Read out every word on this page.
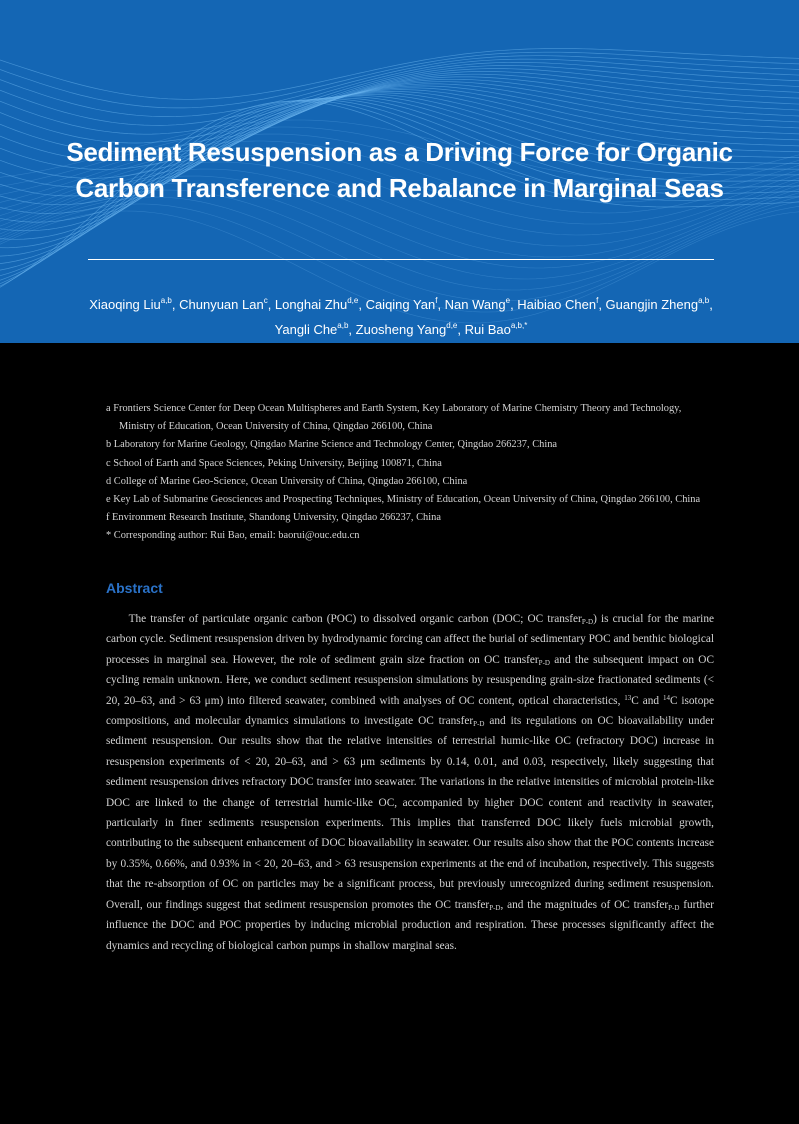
Sediment Resuspension as a Driving Force for Organic Carbon Transference and Rebalance in Marginal Seas
Xiaoqing Liu$^{a,b}$, Chunyuan Lan$^c$, Longhai Zhu$^{d,e}$, Caiqing Yan$^f$, Nan Wang$^e$, Haibiao Chen$^f$, Guangjin Zheng$^{a,b}$, Yangli Che$^{a,b}$, Zuosheng Yang$^{d,e}$, Rui Bao$^{a,b,*}$

a Frontiers Science Center for Deep Ocean Multispheres and Earth System, Key Laboratory of Marine Chemistry Theory and Technology, Ministry of Education, Ocean University of China, Qingdao 266100, China

b Laboratory for Marine Geology, Qingdao Marine Science and Technology Center, Qingdao 266237, China

c School of Earth and Space Sciences, Peking University, Beijing 100871, China

d College of Marine Geo-Science, Ocean University of China, Qingdao 266100, China

e Key Lab of Submarine Geosciences and Prospecting Techniques, Ministry of Education, Ocean University of China, Qingdao 266100, China

f Environment Research Institute, Shandong University, Qingdao 266237, China

* Corresponding author: Rui Bao, email: baorui@ouc.edu.cn

Abstract

The transfer of particulate organic carbon (POC) to dissolved organic carbon (DOC; OC transfer$_{P-D}$) is crucial for the marine carbon cycle. Sediment resuspension driven by hydrodynamic forcing can affect the burial of sedimentary POC and benthic biological processes in marginal sea. However, the role of sediment grain size fraction on OC transfer$_{P-D}$ and the subsequent impact on OC cycling remain unknown. Here, we conduct sediment resuspension simulations by resuspending grain-size fractionated sediments (< 20, 20–63, and > 63 μm) into filtered seawater, combined with analyses of OC content, optical characteristics, $^{13}$C and $^{14}$C isotope compositions, and molecular dynamics simulations to investigate OC transfer$_{P-D}$ and its regulations on OC bioavailability under sediment resuspension. Our results show that the relative intensities of terrestrial humic-like OC (refractory DOC) increase in resuspension experiments of < 20, 20–63, and > 63 μm sediments by 0.14, 0.01, and 0.03, respectively, likely suggesting that sediment resuspension drives refractory DOC transfer into seawater. The variations in the relative intensities of microbial protein-like DOC are linked to the change of terrestrial humic-like OC, accompanied by higher DOC content and reactivity in seawater, particularly in finer sediments resuspension experiments. This implies that transferred DOC likely fuels microbial growth, contributing to the subsequent enhancement of DOC bioavailability in seawater. Our results also show that the POC contents increase by 0.35%, 0.66%, and 0.93% in < 20, 20–63, and > 63 resuspension experiments at the end of incubation, respectively. This suggests that the re-absorption of OC on particles may be a significant process, but previously unrecognized during sediment resuspension. Overall, our findings suggest that sediment resuspension promotes the OC transfer$_{P-D}$, and the magnitudes of OC transfer$_{P-D}$ further influence the DOC and POC properties by inducing microbial production and respiration. These processes significantly affect the dynamics and recycling of biological carbon pumps in shallow marginal seas.
